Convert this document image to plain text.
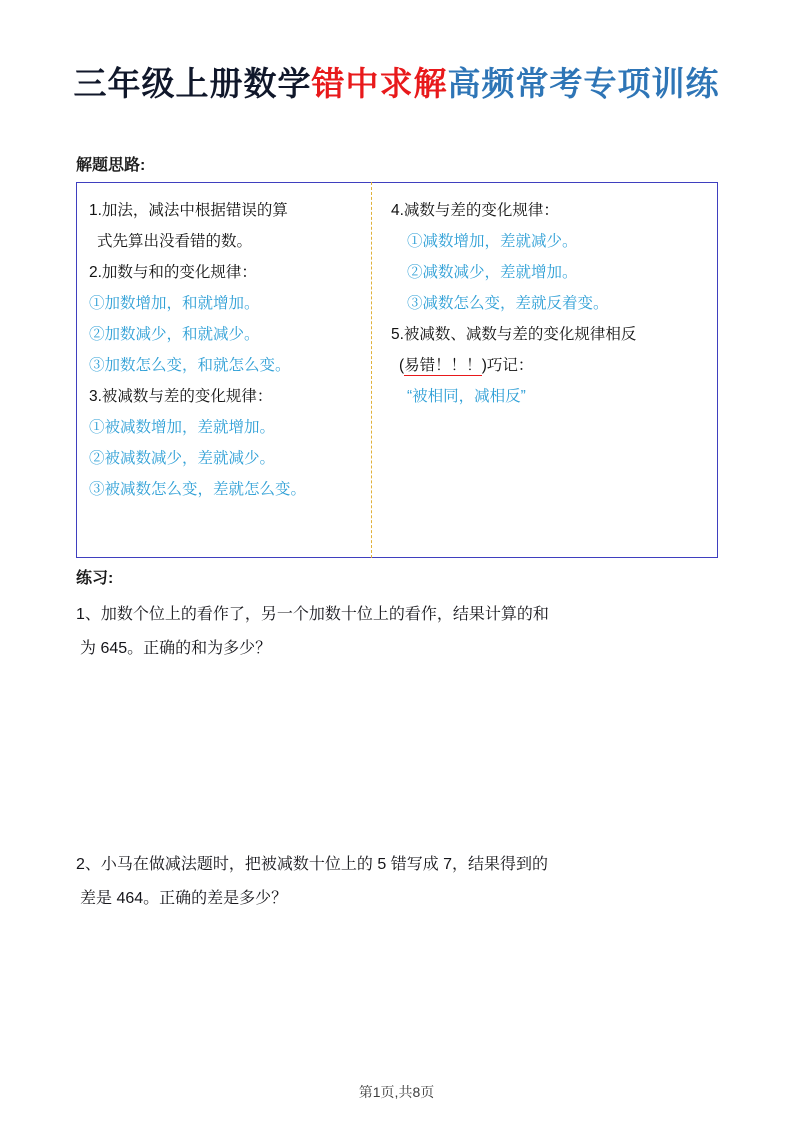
三年级上册数学错中求解高频常考专项训练
解题思路:
1.加法，减法中根据错误的算
式先算出没看错的数。
2.加数与和的变化规律：
①加数增加，和就增加。
②加数减少，和就减少。
③加数怎么变，和就怎么变。
3.被减数与差的变化规律：
①被减数增加，差就增加。
②被减数减少，差就减少。
③被减数怎么变，差就怎么变。
4.减数与差的变化规律：
①减数增加，差就减少。
②减数减少，差就增加。
③减数怎么变，差就反着变。
5.被减数、减数与差的变化规律相反
(易错！！！)巧记：
“被相同，减相反”
练习:
1、加数个位上的看作了，另一个加数十位上的看作，结果计算的和
为 645。正确的和为多少？
2、小马在做减法题时，把被减数十位上的 5 错写成 7，结果得到的
差是 464。正确的差是多少？
第1页,共8页
